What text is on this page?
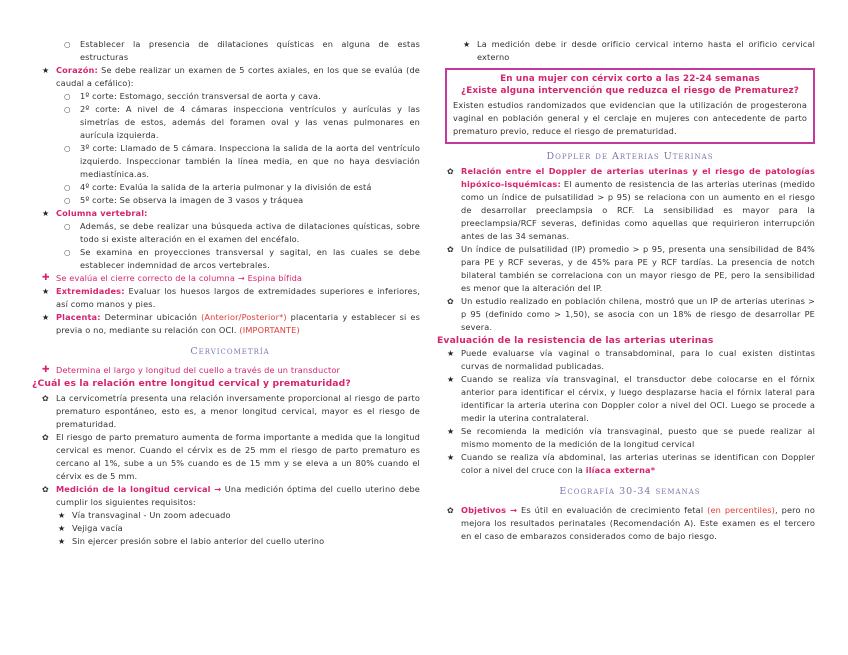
○ Establecer la presencia de dilataciones quísticas en alguna de estas estructuras
★ Corazón: Se debe realizar un examen de 5 cortes axiales, en los que se evalúa (de caudal a cefálico):
○ 1º corte: Estomago, sección transversal de aorta y cava.
○ 2º corte: A nivel de 4 cámaras inspecciona ventrículos y aurículas y las simetrías de estos, además del foramen oval y las venas pulmonares en aurícula izquierda.
○ 3º corte: Llamado de 5 cámara. Inspecciona la salida de la aorta del ventrículo izquierdo. Inspeccionar también la línea media, en que no haya desviación mediastínica.as.
○ 4º corte: Evalúa la salida de la arteria pulmonar y la división de está
○ 5º corte: Se observa la imagen de 3 vasos y tráquea
★ Columna vertebral:
○ Además, se debe realizar una búsqueda activa de dilataciones quísticas, sobre todo si existe alteración en el examen del encéfalo.
○ Se examina en proyecciones transversal y sagital, en las cuales se debe establecer indemnidad de arcos vertebrales.
✚ Se evalúa el cierre correcto de la columna → Espina bífida
★ Extremidades: Evaluar los huesos largos de extremidades superiores e inferiores, así como manos y pies.
★ Placenta: Determinar ubicación (Anterior/Posterior*) placentaria y establecer si es previa o no, mediante su relación con OCI. (IMPORTANTE)
Cervicometría
✚ Determina el largo y longitud del cuello a través de un transductor
¿Cuál es la relación entre longitud cervical y prematuridad?
✿ La cervicometría presenta una relación inversamente proporcional al riesgo de parto prematuro espontáneo, esto es, a menor longitud cervical, mayor es el riesgo de prematuridad.
✿ El riesgo de parto prematuro aumenta de forma importante a medida que la longitud cervical es menor. Cuando el cérvix es de 25 mm el riesgo de parto prematuro es cercano al 1%, sube a un 5% cuando es de 15 mm y se eleva a un 80% cuando el cérvix es de 5 mm.
✿ Medición de la longitud cervical → Una medición óptima del cuello uterino debe cumplir los siguientes requisitos:
★ Vía transvaginal - Un zoom adecuado
★ Vejiga vacía
★ Sin ejercer presión sobre el labio anterior del cuello uterino
★ La medición debe ir desde orificio cervical interno hasta el orificio cervical externo
En una mujer con cérvix corto a las 22-24 semanas
¿Existe alguna intervención que reduzca el riesgo de Prematurez?
Existen estudios randomizados que evidencian que la utilización de progesterona vaginal en población general y el cerclaje en mujeres con antecedente de parto prematuro previo, reduce el riesgo de prematuridad.
Doppler de Arterias Uterinas
✿ Relación entre el Doppler de arterias uterinas y el riesgo de patologías hipóxico-isquémicas: El aumento de resistencia de las arterias uterinas (medido como un índice de pulsatilidad > p 95) se relaciona con un aumento en el riesgo de desarrollar preeclampsia o RCF. La sensibilidad es mayor para la preeclampsia/RCF severas, definidas como aquellas que requirieron interrupción antes de las 34 semanas.
✿ Un índice de pulsatilidad (IP) promedio > p 95, presenta una sensibilidad de 84% para PE y RCF severas, y de 45% para PE y RCF tardías. La presencia de notch bilateral también se correlaciona con un mayor riesgo de PE, pero la sensibilidad es menor que la alteración del IP.
✿ Un estudio realizado en población chilena, mostró que un IP de arterias uterinas > p 95 (definido como > 1,50), se asocia con un 18% de riesgo de desarrollar PE severa.
Evaluación de la resistencia de las arterias uterinas
★ Puede evaluarse vía vaginal o transabdominal, para lo cual existen distintas curvas de normalidad publicadas.
★ Cuando se realiza vía transvaginal, el transductor debe colocarse en el fórnix anterior para identificar el cérvix, y luego desplazarse hacia el fórnix lateral para identificar la arteria uterina con Doppler color a nivel del OCI. Luego se procede a medir la uterina contralateral.
★ Se recomienda la medición vía transvaginal, puesto que se puede realizar al mismo momento de la medición de la longitud cervical
★ Cuando se realiza vía abdominal, las arterias uterinas se identifican con Doppler color a nivel del cruce con la ilíaca externa*
Ecografía 30-34 semanas
✿ Objetivos → Es útil en evaluación de crecimiento fetal (en percentiles), pero no mejora los resultados perinatales (Recomendación A). Este examen es el tercero en el caso de embarazos considerados como de bajo riesgo.
